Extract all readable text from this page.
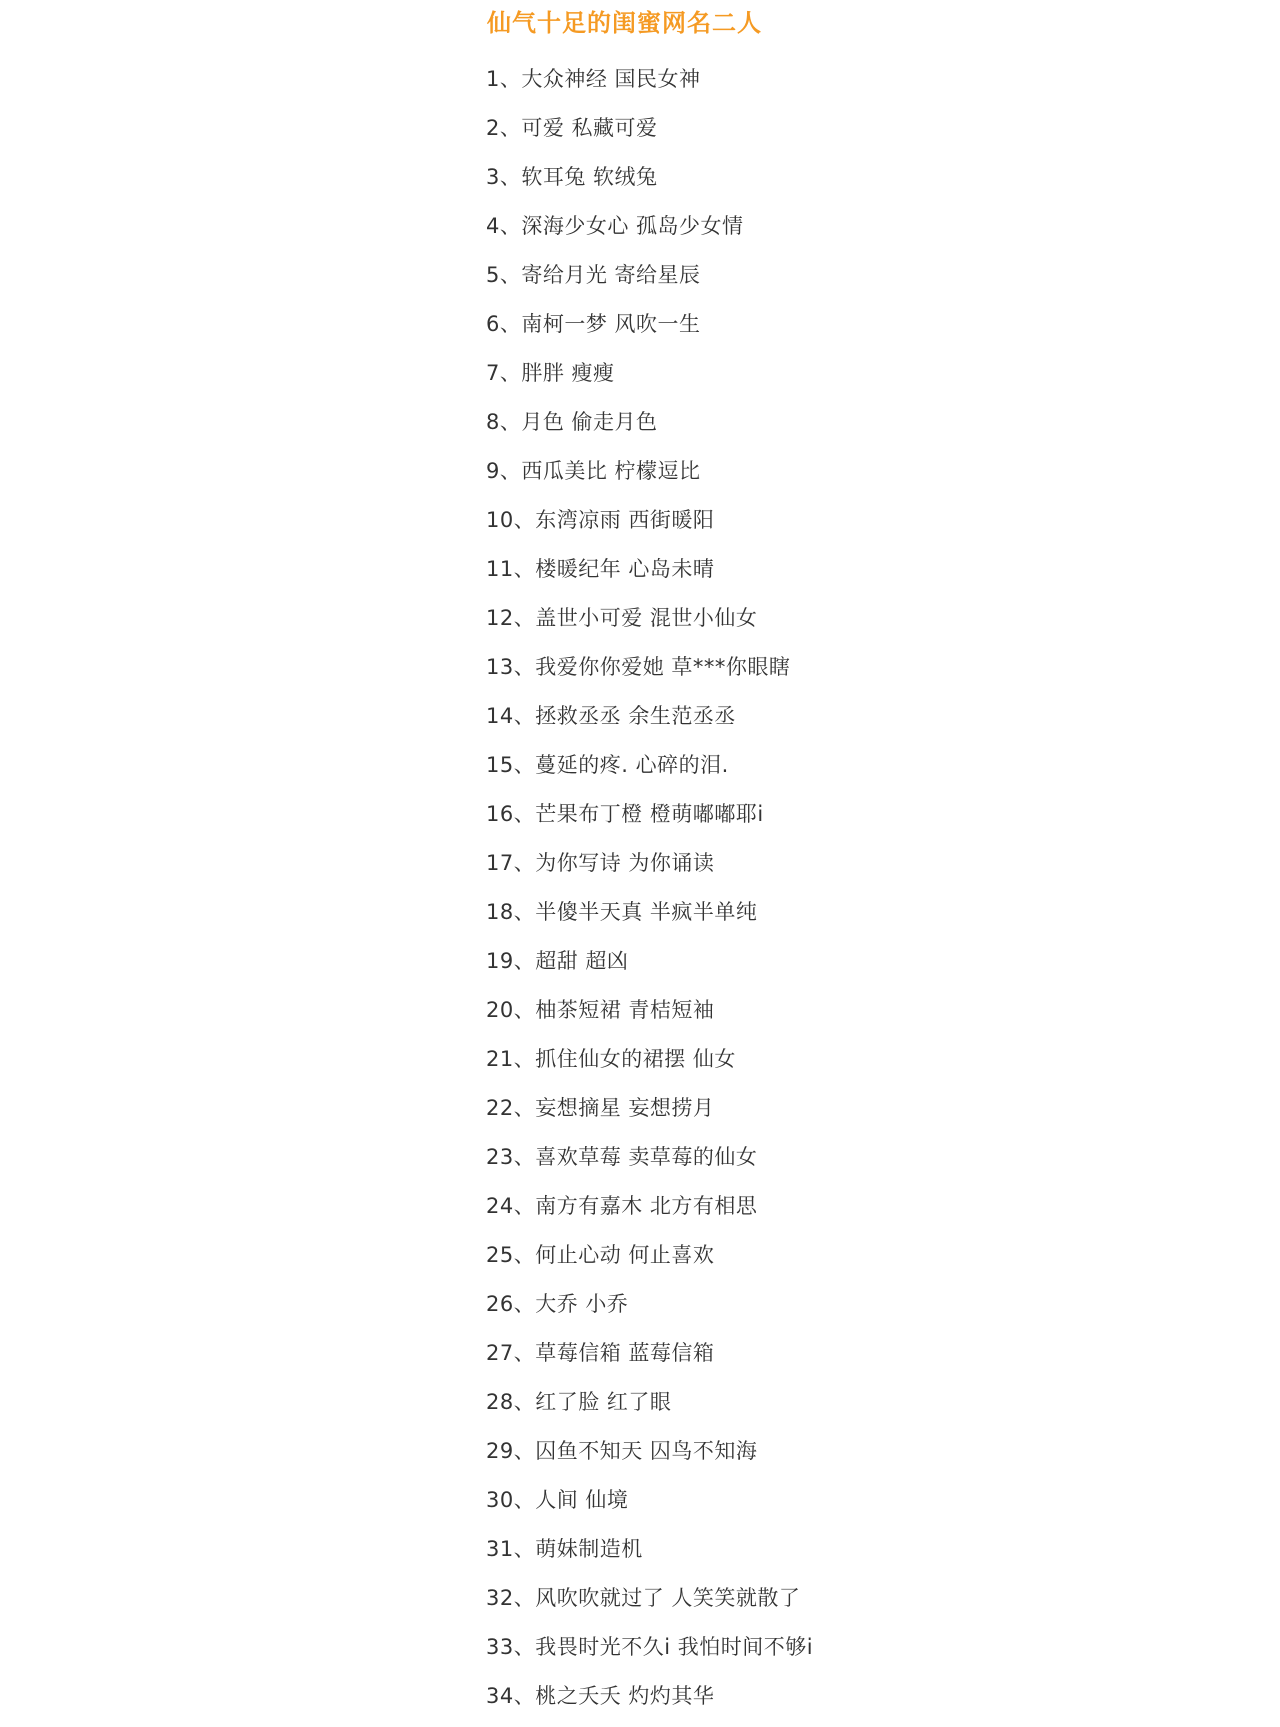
仙气十足的闺蜜网名二人
1、大众神经 国民女神
2、可爱 私藏可爱
3、软耳兔 软绒兔
4、深海少女心 孤岛少女情
5、寄给月光 寄给星辰
6、南柯一梦 风吹一生
7、胖胖 瘦瘦
8、月色 偷走月色
9、西瓜美比 柠檬逗比
10、东湾凉雨 西街暖阳
11、楼暖纪年 心岛未晴
12、盖世小可爱 混世小仙女
13、我爱你你爱她 草***你眼瞎
14、拯救丞丞 余生范丞丞
15、蔓延的疼. 心碎的泪.
16、芒果布丁橙 橙萌嘟嘟耶i
17、为你写诗 为你诵读
18、半傻半天真 半疯半单纯
19、超甜 超凶
20、柚茶短裙 青桔短袖
21、抓住仙女的裙摆 仙女
22、妄想摘星 妄想捞月
23、喜欢草莓 卖草莓的仙女
24、南方有嘉木 北方有相思
25、何止心动 何止喜欢
26、大乔 小乔
27、草莓信箱 蓝莓信箱
28、红了脸 红了眼
29、囚鱼不知天 囚鸟不知海
30、人间 仙境
31、萌妹制造机
32、风吹吹就过了 人笑笑就散了
33、我畏时光不久i 我怕时间不够i
34、桃之夭夭 灼灼其华
